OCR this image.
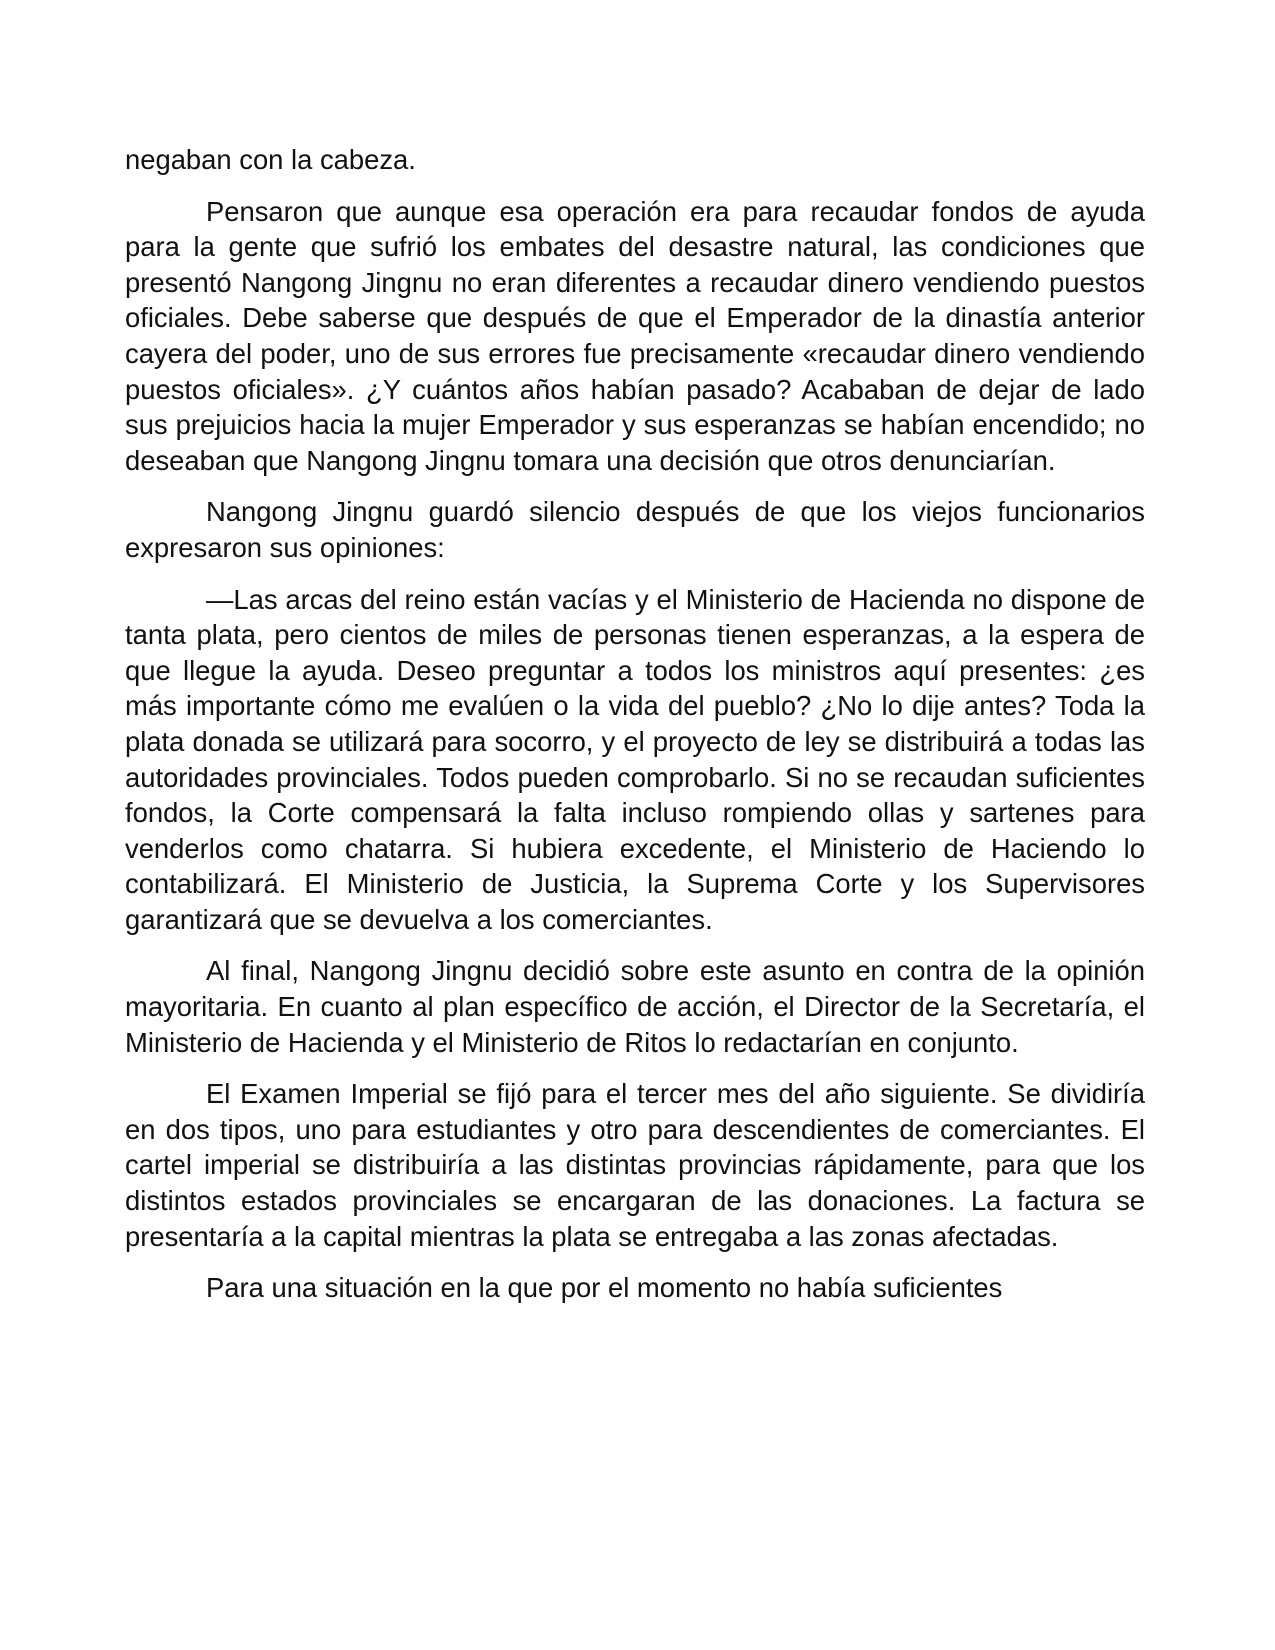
negaban con la cabeza.

Pensaron que aunque esa operación era para recaudar fondos de ayuda para la gente que sufrió los embates del desastre natural, las condiciones que presentó Nangong Jingnu no eran diferentes a recaudar dinero vendiendo puestos oficiales. Debe saberse que después de que el Emperador de la dinastía anterior cayera del poder, uno de sus errores fue precisamente «recaudar dinero vendiendo puestos oficiales». ¿Y cuántos años habían pasado? Acababan de dejar de lado sus prejuicios hacia la mujer Emperador y sus esperanzas se habían encendido; no deseaban que Nangong Jingnu tomara una decisión que otros denunciarían.

Nangong Jingnu guardó silencio después de que los viejos funcionarios expresaron sus opiniones:

—Las arcas del reino están vacías y el Ministerio de Hacienda no dispone de tanta plata, pero cientos de miles de personas tienen esperanzas, a la espera de que llegue la ayuda. Deseo preguntar a todos los ministros aquí presentes: ¿es más importante cómo me evalúen o la vida del pueblo? ¿No lo dije antes? Toda la plata donada se utilizará para socorro, y el proyecto de ley se distribuirá a todas las autoridades provinciales. Todos pueden comprobarlo. Si no se recaudan suficientes fondos, la Corte compensará la falta incluso rompiendo ollas y sartenes para venderlos como chatarra. Si hubiera excedente, el Ministerio de Haciendo lo contabilizará. El Ministerio de Justicia, la Suprema Corte y los Supervisores garantizará que se devuelva a los comerciantes.

Al final, Nangong Jingnu decidió sobre este asunto en contra de la opinión mayoritaria. En cuanto al plan específico de acción, el Director de la Secretaría, el Ministerio de Hacienda y el Ministerio de Ritos lo redactarían en conjunto.

El Examen Imperial se fijó para el tercer mes del año siguiente. Se dividiría en dos tipos, uno para estudiantes y otro para descendientes de comerciantes. El cartel imperial se distribuiría a las distintas provincias rápidamente, para que los distintos estados provinciales se encargaran de las donaciones. La factura se presentaría a la capital mientras la plata se entregaba a las zonas afectadas.

Para una situación en la que por el momento no había suficientes
